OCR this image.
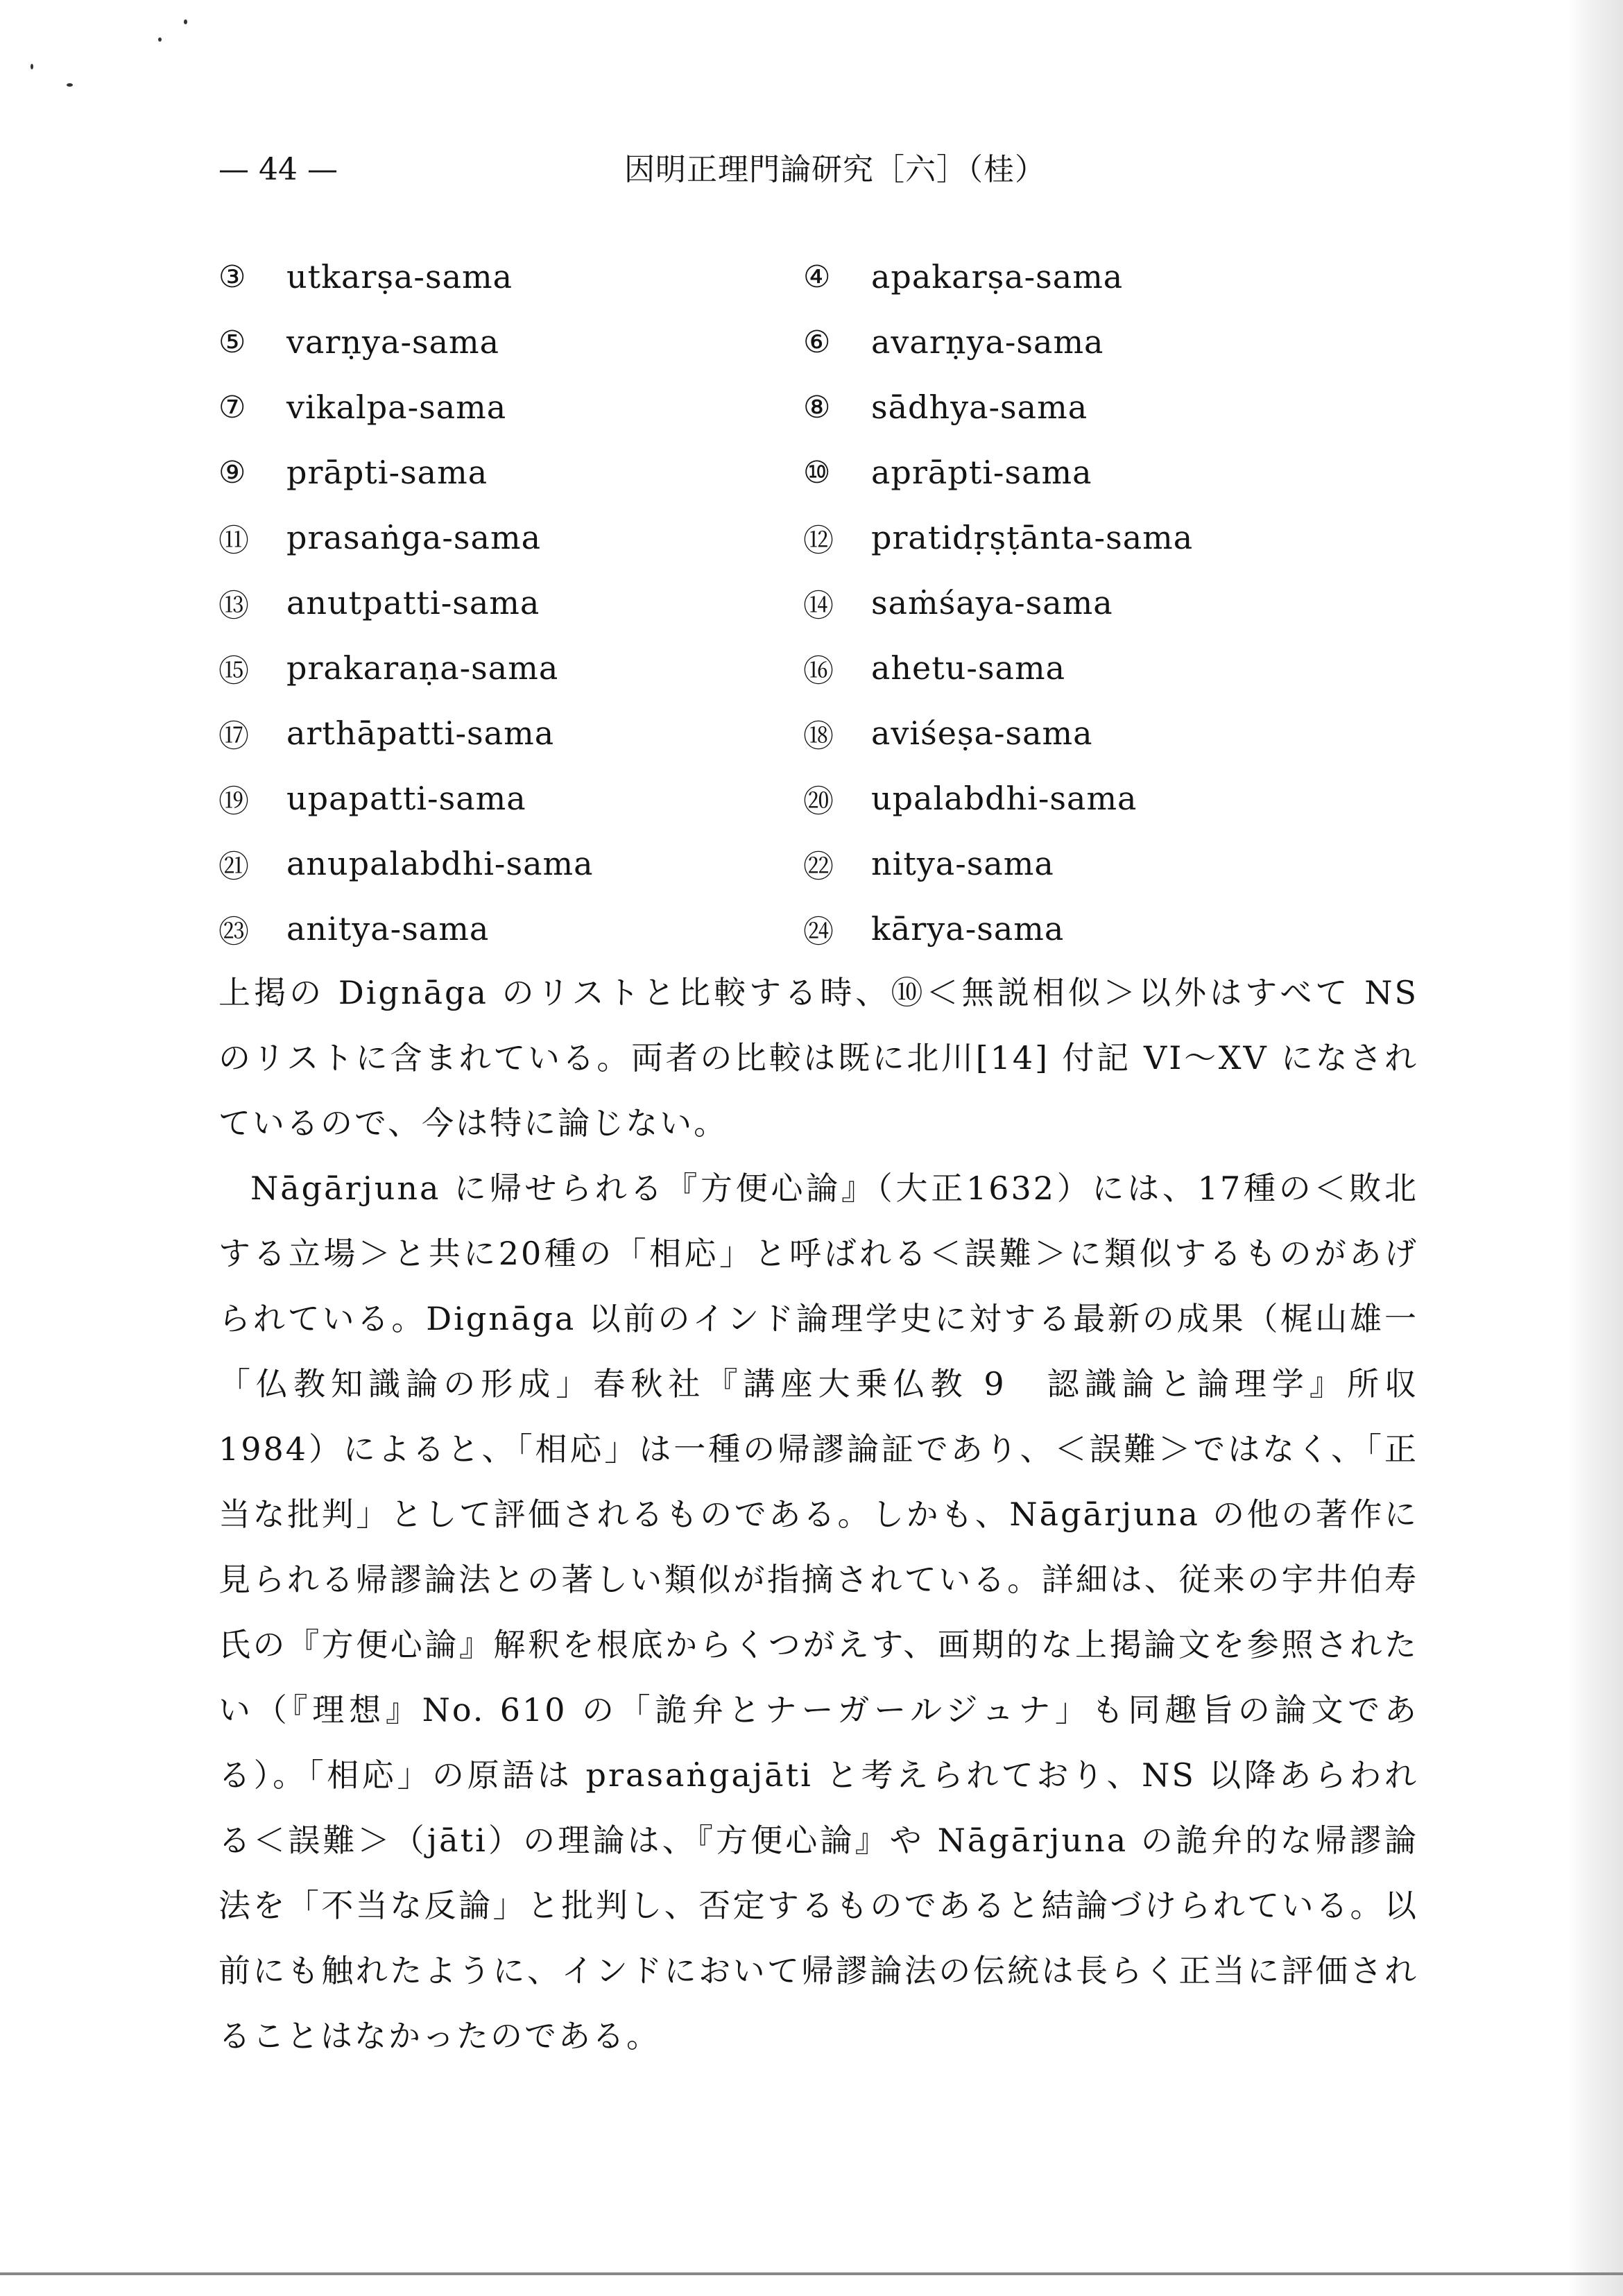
— 44 —	因明正理門論研究［六］（桂）
③	utkarṣa-sama	④	apakarṣa-sama
⑤	varṇya-sama	⑥	avarṇya-sama
⑦	vikalpa-sama	⑧	sādhya-sama
⑨	prāpti-sama	⑩	aprāpti-sama
⑪	prasaṅga-sama	⑫	pratidṛṣṭānta-sama
⑬	anutpatti-sama	⑭	saṁśaya-sama
⑮	prakaraṇa-sama	⑯	ahetu-sama
⑰	arthāpatti-sama	⑱	aviśeṣa-sama
⑲	upapatti-sama	⑳	upalabdhi-sama
㉑	anupalabdhi-sama	㉒	nitya-sama
㉓	anitya-sama	㉔	kārya-sama

上掲の Dignāga のリストと比較する時、⑩＜無説相似＞以外はすべて NS のリストに含まれている。両者の比較は既に北川[14] 付記 VI〜XV になされているので、今は特に論じない。

Nāgārjuna に帰せられる『方便心論』（大正1632）には、17種の＜敗北する立場＞と共に20種の「相応」と呼ばれる＜誤難＞に類似するものがあげられている。Dignāga 以前のインド論理学史に対する最新の成果（梶山雄一「仏教知識論の形成」春秋社『講座大乗仏教 9　認識論と論理学』所収　1984）によると、「相応」は一種の帰謬論証であり、＜誤難＞ではなく、「正当な批判」として評価されるものである。しかも、Nāgārjuna の他の著作に見られる帰謬論法との著しい類似が指摘されている。詳細は、従来の宇井伯寿氏の『方便心論』解釈を根底からくつがえす、画期的な上掲論文を参照されたい（『理想』No. 610 の「詭弁とナーガールジュナ」も同趣旨の論文である）。「相応」の原語は prasaṅgajāti と考えられており、NS 以降あらわれる＜誤難＞（jāti）の理論は、『方便心論』や Nāgārjuna の詭弁的な帰謬論法を「不当な反論」と批判し、否定するものであると結論づけられている。以前にも触れたように、インドにおいて帰謬論法の伝統は長らく正当に評価されることはなかったのである。
